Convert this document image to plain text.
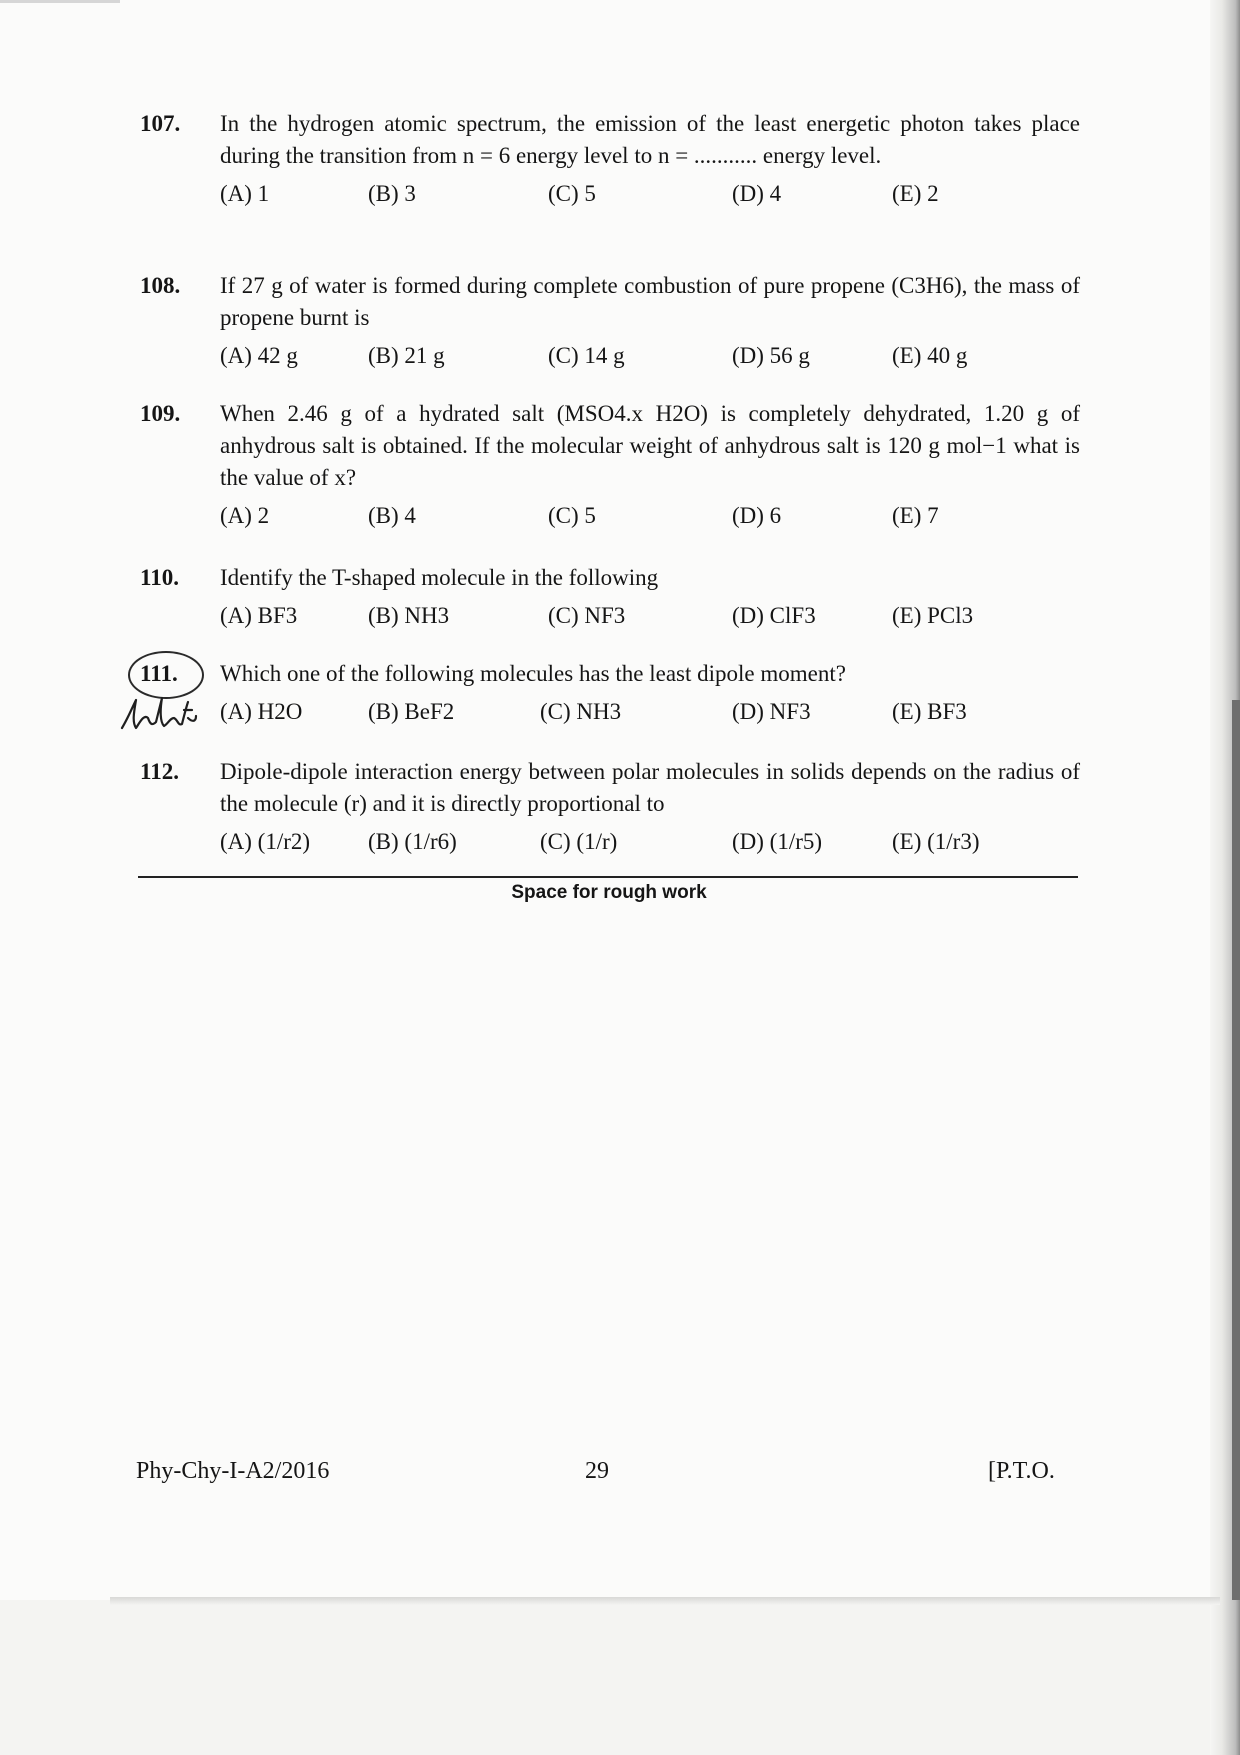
107. In the hydrogen atomic spectrum, the emission of the least energetic photon takes place during the transition from n = 6 energy level to n = ........... energy level.
(A) 1	(B) 3	(C) 5	(D) 4	(E) 2
108. If 27 g of water is formed during complete combustion of pure propene (C3H6), the mass of propene burnt is
(A) 42 g	(B) 21 g	(C) 14 g	(D) 56 g	(E) 40 g
109. When 2.46 g of a hydrated salt (MSO4.x H2O) is completely dehydrated, 1.20 g of anhydrous salt is obtained. If the molecular weight of anhydrous salt is 120 g mol−1 what is the value of x?
(A) 2	(B) 4	(C) 5	(D) 6	(E) 7
110. Identify the T-shaped molecule in the following
(A) BF3	(B) NH3	(C) NF3	(D) ClF3	(E) PCl3
111. Which one of the following molecules has the least dipole moment?
(A) H2O	(B) BeF2	(C) NH3	(D) NF3	(E) BF3
112. Dipole-dipole interaction energy between polar molecules in solids depends on the radius of the molecule (r) and it is directly proportional to
(A) (1/r2)	(B) (1/r6)	(C) (1/r)	(D) (1/r5)	(E) (1/r3)
Space for rough work
Phy-Chy-I-A2/2016	29	[P.T.O.
